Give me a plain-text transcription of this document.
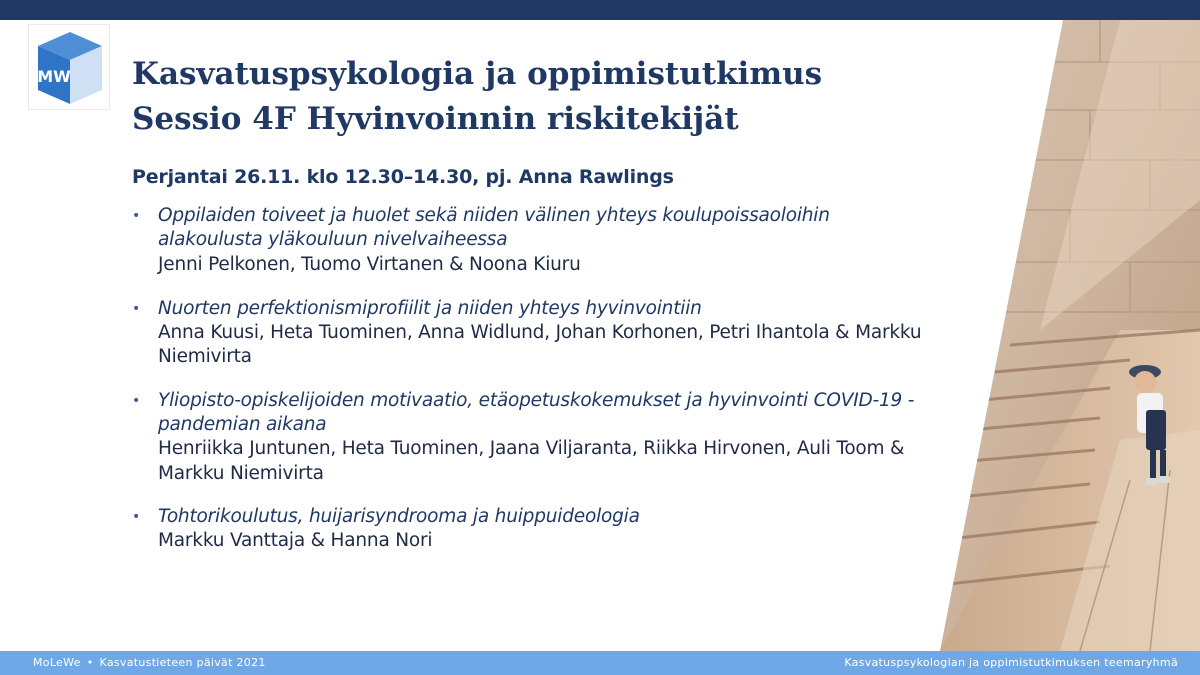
MW Kasvatuspsykologia ja oppimistutkimus
Sessio 4F Hyvinvoinnin riskitekijät

Perjantai 26.11. klo 12.30–14.30, pj. Anna Rawlings

• Oppilaiden toiveet ja huolet sekä niiden välinen yhteys koulupoissaoloihin alakoulusta yläkouluun nivelvaiheessa
Jenni Pelkonen, Tuomo Virtanen & Noona Kiuru
• Nuorten perfektionismiprofiilit ja niiden yhteys hyvinvointiin
Anna Kuusi, Heta Tuominen, Anna Widlund, Johan Korhonen, Petri Ihantola & Markku Niemivirta
• Yliopisto-opiskelijoiden motivaatio, etäopetuskokemukset ja hyvinvointi COVID-19 -pandemian aikana
Henriikka Juntunen, Heta Tuominen, Jaana Viljaranta, Riikka Hirvonen, Auli Toom & Markku Niemivirta
• Tohtorikoulutus, huijarisyndrooma ja huippuideologia
Markku Vanttaja & Hanna Nori
MoLeWe • Kasvatustieteen päivät 2021	Kasvatuspsykologian ja oppimistutkimuksen teemaryhmä
